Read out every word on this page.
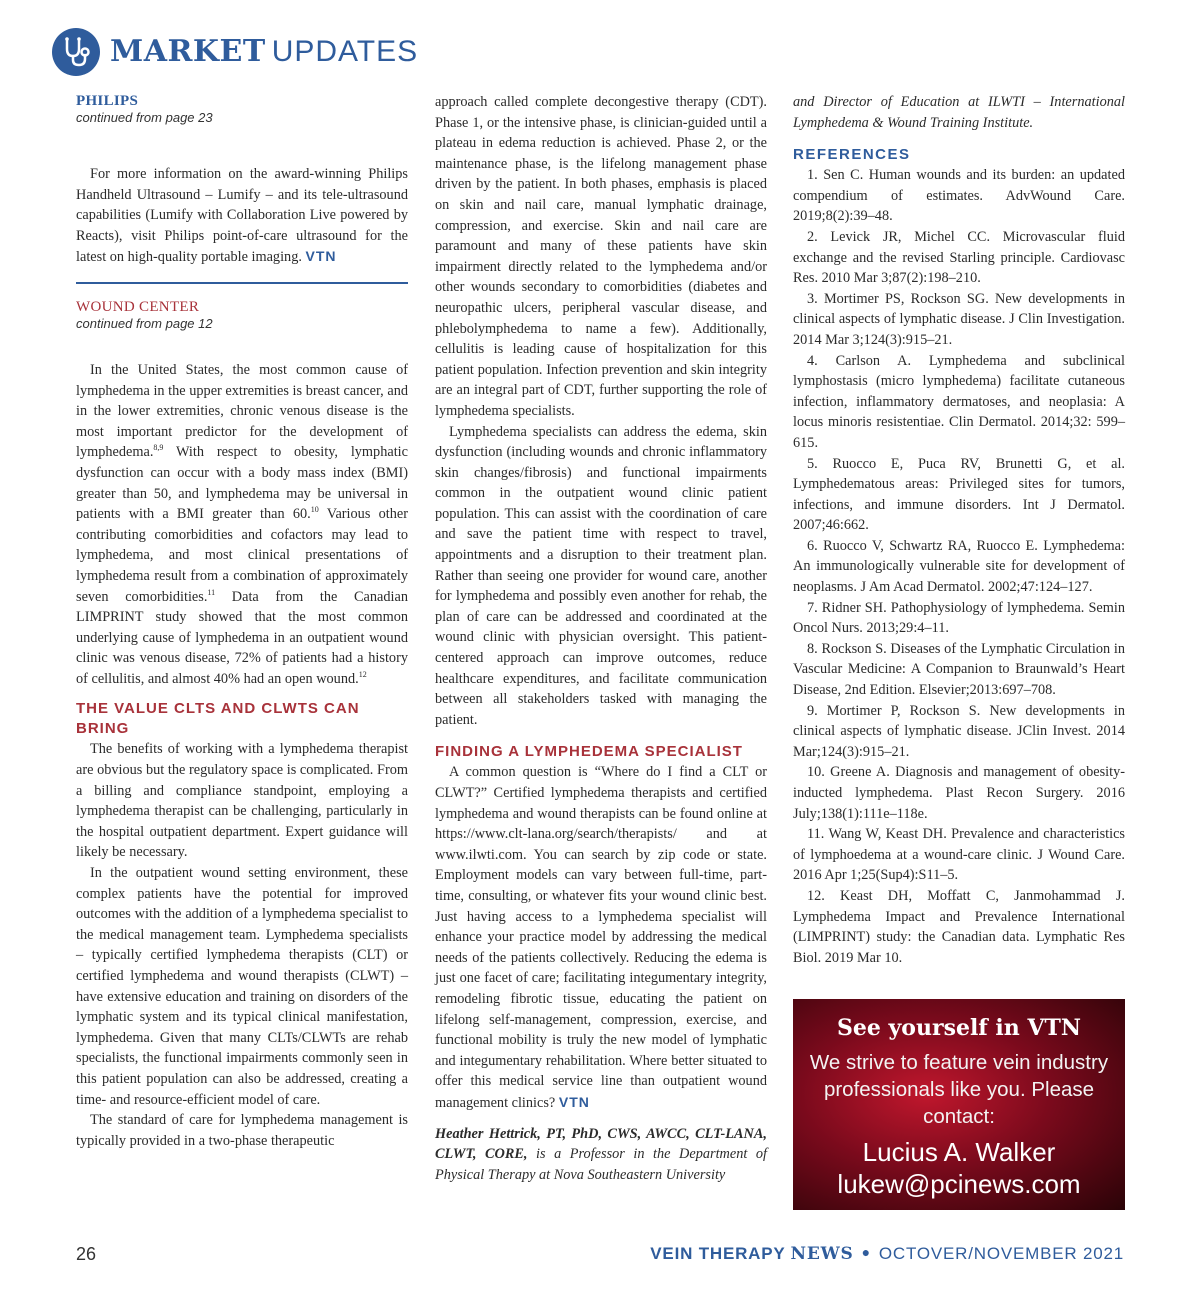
MARKET UPDATES
PHILIPS
continued from page 23

For more information on the award-winning Philips Handheld Ultrasound – Lumify – and its tele-ultrasound capabilities (Lumify with Collaboration Live powered by Reacts), visit Philips point-of-care ultrasound for the latest on high-quality portable imaging. VTN

WOUND CENTER
continued from page 12

In the United States, the most common cause of lymphedema in the upper extremities is breast cancer, and in the lower extremities, chronic venous disease is the most important predictor for the development of lymphedema.$^{8,9}$ With respect to obesity, lymphatic dysfunction can occur with a body mass index (BMI) greater than 50, and lymphedema may be universal in patients with a BMI greater than 60.10 Various other contributing comorbidities and cofactors may lead to lymphedema, and most clinical presentations of lymphedema result from a combination of approximately seven comorbidities.$^{11}$ Data from the Canadian LIMPRINT study showed that the most common underlying cause of lymphedema in an outpatient wound clinic was venous disease, 72% of patients had a history of cellulitis, and almost 40% had an open wound.$^{12}$

THE VALUE CLTS AND CLWTS CAN BRING

The benefits of working with a lymphedema therapist are obvious but the regulatory space is complicated. From a billing and compliance standpoint, employing a lymphedema therapist can be challenging, particularly in the hospital outpatient department. Expert guidance will likely be necessary.

In the outpatient wound setting environment, these complex patients have the potential for improved outcomes with the addition of a lymphedema specialist to the medical management team. Lymphedema specialists – typically certified lymphedema therapists (CLT) or certified lymphedema and wound therapists (CLWT) – have extensive education and training on disorders of the lymphatic system and its typical clinical manifestation, lymphedema. Given that many CLTs/CLWTs are rehab specialists, the functional impairments commonly seen in this patient population can also be addressed, creating a time- and resource-efficient model of care.

The standard of care for lymphedema management is typically provided in a two-phase therapeutic

approach called complete decongestive therapy (CDT). Phase 1, or the intensive phase, is clinician-guided until a plateau in edema reduction is achieved. Phase 2, or the maintenance phase, is the lifelong management phase driven by the patient. In both phases, emphasis is placed on skin and nail care, manual lymphatic drainage, compression, and exercise. Skin and nail care are paramount and many of these patients have skin impairment directly related to the lymphedema and/or other wounds secondary to comorbidities (diabetes and neuropathic ulcers, peripheral vascular disease, and phlebolymphedema to name a few). Additionally, cellulitis is leading cause of hospitalization for this patient population. Infection prevention and skin integrity are an integral part of CDT, further supporting the role of lymphedema specialists.

Lymphedema specialists can address the edema, skin dysfunction (including wounds and chronic inflammatory skin changes/fibrosis) and functional impairments common in the outpatient wound clinic patient population. This can assist with the coordination of care and save the patient time with respect to travel, appointments and a disruption to their treatment plan. Rather than seeing one provider for wound care, another for lymphedema and possibly even another for rehab, the plan of care can be addressed and coordinated at the wound clinic with physician oversight. This patient-centered approach can improve outcomes, reduce healthcare expenditures, and facilitate communication between all stakeholders tasked with managing the patient.

FINDING A LYMPHEDEMA SPECIALIST

A common question is “Where do I find a CLT or CLWT?” Certified lymphedema therapists and certified lymphedema and wound therapists can be found online at https://www.clt-lana.org/search/therapists/ and at www.ilwti.com. You can search by zip code or state. Employment models can vary between full-time, part-time, consulting, or whatever fits your wound clinic best. Just having access to a lymphedema specialist will enhance your practice model by addressing the medical needs of the patients collectively. Reducing the edema is just one facet of care; facilitating integumentary integrity, remodeling fibrotic tissue, educating the patient on lifelong self-management, compression, exercise, and functional mobility is truly the new model of lymphatic and integumentary rehabilitation. Where better situated to offer this medical service line than outpatient wound management clinics? VTN

Heather Hettrick, PT, PhD, CWS, AWCC, CLT-LANA, CLWT, CORE, is a Professor in the Department of Physical Therapy at Nova Southeastern University

and Director of Education at ILWTI – International Lymphedema & Wound Training Institute.

REFERENCES

1. Sen C. Human wounds and its burden: an updated compendium of estimates. AdvWound Care. 2019;8(2):39–48.

2. Levick JR, Michel CC. Microvascular fluid exchange and the revised Starling principle. Cardiovasc Res. 2010 Mar 3;87(2):198–210.

3. Mortimer PS, Rockson SG. New developments in clinical aspects of lymphatic disease. J Clin Investigation. 2014 Mar 3;124(3):915–21.

4. Carlson A. Lymphedema and subclinical lymphostasis (micro lymphedema) facilitate cutaneous infection, inflammatory dermatoses, and neoplasia: A locus minoris resistentiae. Clin Dermatol. 2014;32: 599–615.

5. Ruocco E, Puca RV, Brunetti G, et al. Lymphedematous areas: Privileged sites for tumors, infections, and immune disorders. Int J Dermatol. 2007;46:662.

6. Ruocco V, Schwartz RA, Ruocco E. Lymphedema: An immunologically vulnerable site for development of neoplasms. J Am Acad Dermatol. 2002;47:124–127.

7. Ridner SH. Pathophysiology of lymphedema. Semin Oncol Nurs. 2013;29:4–11.

8. Rockson S. Diseases of the Lymphatic Circulation in Vascular Medicine: A Companion to Braunwald’s Heart Disease, 2nd Edition. Elsevier;2013:697–708.

9. Mortimer P, Rockson S. New developments in clinical aspects of lymphatic disease. JClin Invest. 2014 Mar;124(3):915–21.

10. Greene A. Diagnosis and management of obesity-inducted lymphedema. Plast Recon Surgery. 2016 July;138(1):111e–118e.

11. Wang W, Keast DH. Prevalence and characteristics of lymphoedema at a wound-care clinic. J Wound Care. 2016 Apr 1;25(Sup4):S11–5.

12. Keast DH, Moffatt C, Janmohammad J. Lymphedema Impact and Prevalence International (LIMPRINT) study: the Canadian data. Lymphatic Res Biol. 2019 Mar 10.

See yourself in VTN
We strive to feature vein industry professionals like you. Please contact:
Lucius A. Walker
lukew@pcinews.com
26	VEIN THERAPY NEWS ● OCTOVER/NOVEMBER 2021
